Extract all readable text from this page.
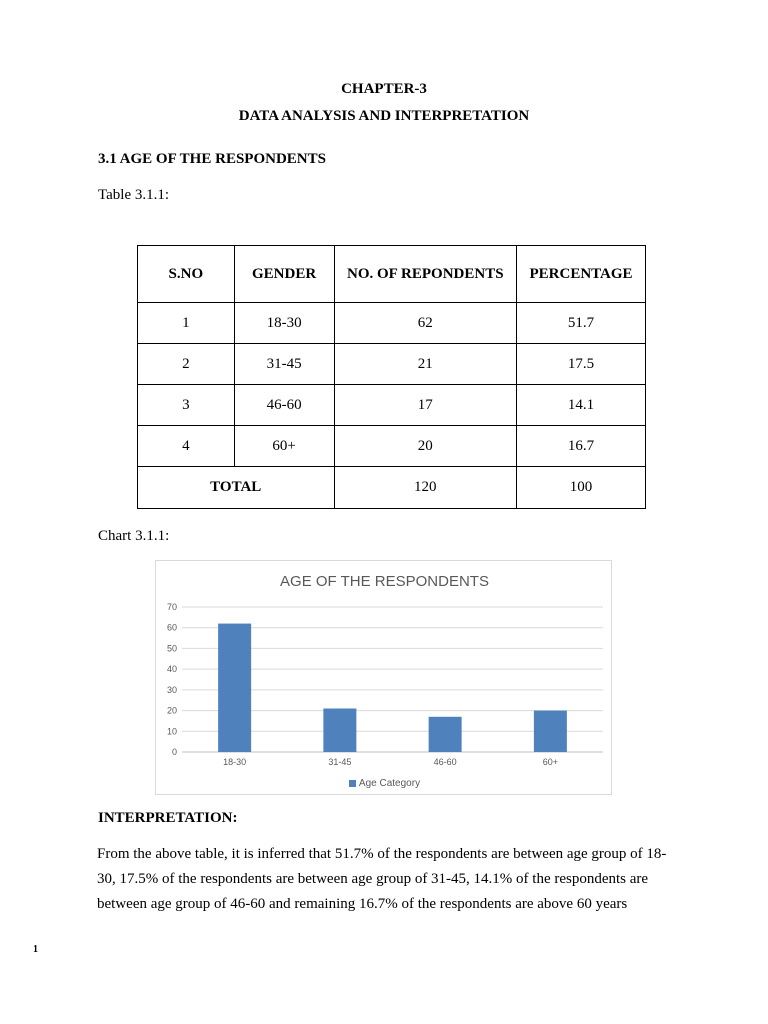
CHAPTER-3
DATA ANALYSIS AND INTERPRETATION
3.1 AGE OF THE RESPONDENTS
Table 3.1.1:
S.NO	GENDER	NO. OF REPONDENTS	PERCENTAGE
1	18-30	62	51.7
2	31-45	21	17.5
3	46-60	17	14.1
4	60+	20	16.7
TOTAL		120	100
Chart 3.1.1:
0
10
20
30
40
50
60
70
18-30	31-45	46-60	60+
AGE OF THE RESPONDENTS
Age Category
INTERPRETATION:

From the above table, it is inferred that 51.7% of the respondents are between age group of 18-30, 17.5% of the respondents are between age group of 31-45, 14.1% of the respondents are between age group of 46-60 and remaining 16.7% of the respondents are above 60 years

1
